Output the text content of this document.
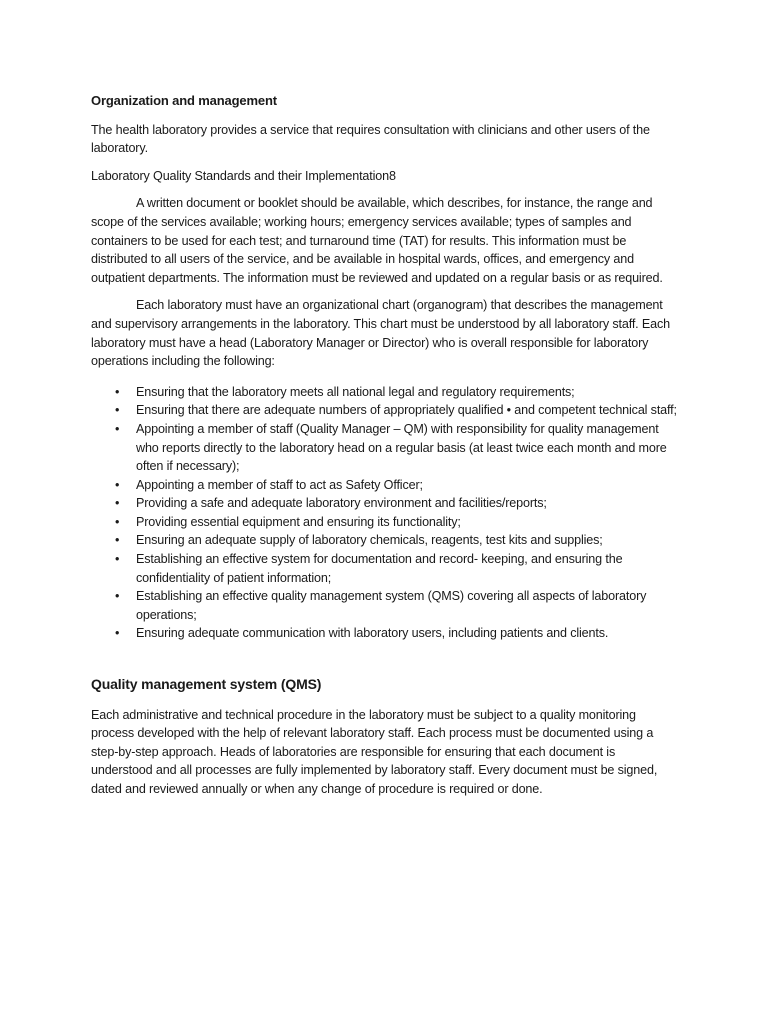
Organization and management
The health laboratory provides a service that requires consultation with clinicians and other users of the laboratory.
Laboratory Quality Standards and their Implementation8
A written document or booklet should be available, which describes, for instance, the range and scope of the services available; working hours; emergency services available; types of samples and containers to be used for each test; and turnaround time (TAT) for results. This information must be distributed to all users of the service, and be available in hospital wards, offices, and emergency and outpatient departments. The information must be reviewed and updated on a regular basis or as required.
Each laboratory must have an organizational chart (organogram) that describes the management and supervisory arrangements in the laboratory. This chart must be understood by all laboratory staff. Each laboratory must have a head (Laboratory Manager or Director) who is overall responsible for laboratory operations including the following:
• Ensuring that the laboratory meets all national legal and regulatory requirements;
• Ensuring that there are adequate numbers of appropriately qualified • and competent technical staff;
• Appointing a member of staff (Quality Manager – QM) with responsibility for quality management who reports directly to the laboratory head on a regular basis (at least twice each month and more often if necessary);
• Appointing a member of staff to act as Safety Officer;
• Providing a safe and adequate laboratory environment and facilities/reports;
• Providing essential equipment and ensuring its functionality;
• Ensuring an adequate supply of laboratory chemicals, reagents, test kits and supplies;
• Establishing an effective system for documentation and record- keeping, and ensuring the confidentiality of patient information;
• Establishing an effective quality management system (QMS) covering all aspects of laboratory operations;
• Ensuring adequate communication with laboratory users, including patients and clients.
Quality management system (QMS)
Each administrative and technical procedure in the laboratory must be subject to a quality monitoring process developed with the help of relevant laboratory staff. Each process must be documented using a step-by-step approach. Heads of laboratories are responsible for ensuring that each document is understood and all processes are fully implemented by laboratory staff. Every document must be signed, dated and reviewed annually or when any change of procedure is required or done.
